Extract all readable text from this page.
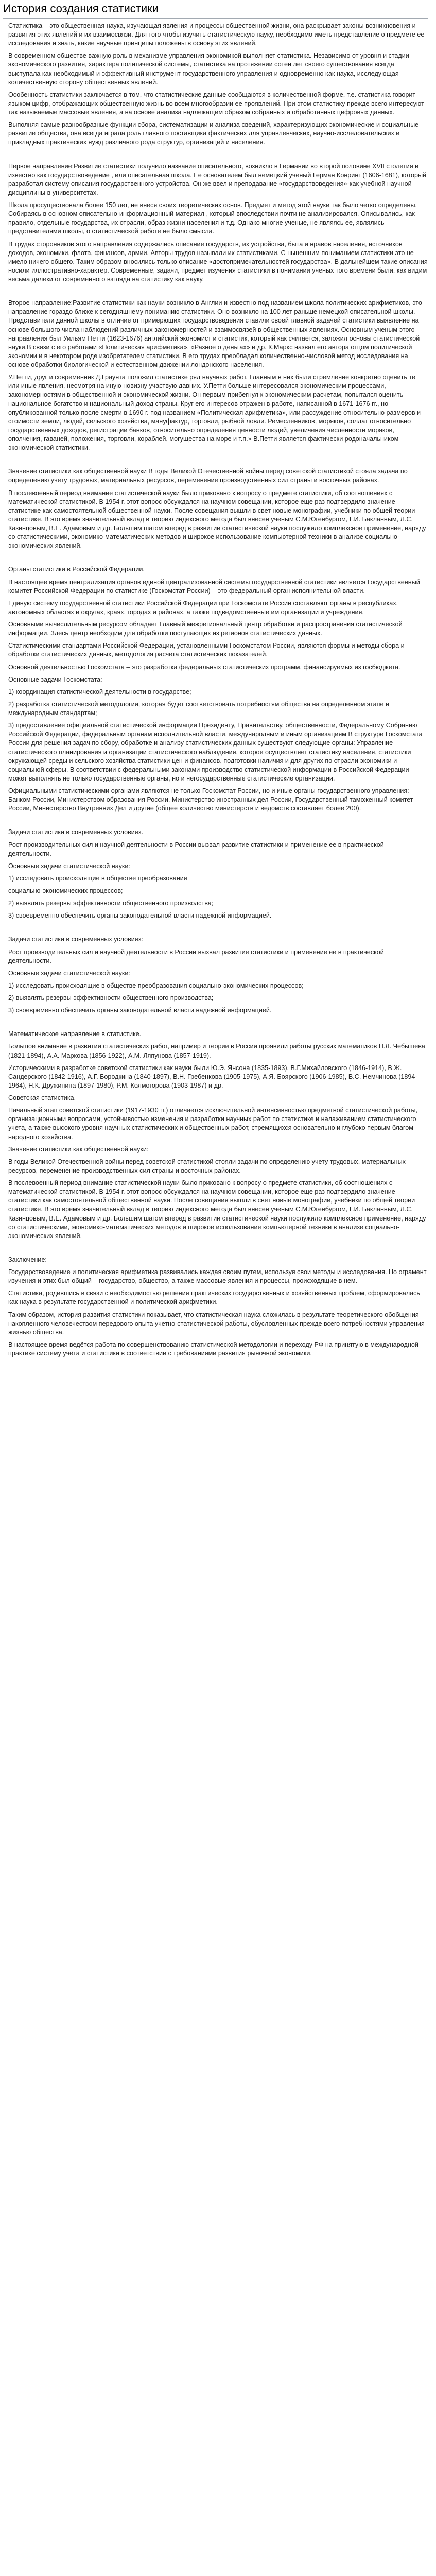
История создания статистики

Статистика – это общественная наука, изучающая явления и процессы общественной жизни, она раскрывает законы возникновения и развития этих явлений и их взаимосвязи. Для того чтобы изучить статистическую науку, необходимо иметь представление о предмете ее исследования и знать, какие научные принципы положены в основу этих явлений.

В современном обществе важную роль в механизме управления экономикой выполняет статистика. Независимо от уровня и стадии экономического развития, характера политической системы, статистика на протяжении сотен лет своего существования всегда выступала как необходимый и эффективный инструмент государственного управления и одновременно как наука, исследующая количественную сторону общественных явлений.

Особенность статистики заключается в том, что статистические данные сообщаются в количественной форме, т.е. статистика говорит языком цифр, отображающих общественную жизнь во всем многообразии ее проявлений. При этом статистику прежде всего интересуют так называемые массовые явления, а на основе анализа надлежащим образом собранных и обработанных цифровых данных.

Выполняя самые разнообразные функции сбора, систематизации и анализа сведений, характеризующих экономические и социальные развитие общества, она всегда играла роль главного поставщика фактических для управленческих, научно-исследовательских и прикладных практических нужд различного рода структур, организаций и населения.

Первое направление:Развитие статистики получило название описательного, возникло в Германии во второй половине XVII столетия и известно как государствоведение , или описательная школа. Ее основателем был немецкий ученый Герман Конринг (1606-1681), который разработал систему описания государственного устройства. Он же ввел и преподавание «государствоведения»-как учебной научной дисциплины в университетах.

Школа просуществовала более 150 лет, не внеся своих теоретических основ. Предмет и метод этой науки так было четко определены. Собираясь в основном описательно-информационный материал , который впоследствии почти не анализировался. Описывались, как правило, отдельные государства, их отрасли, образ жизни населения и т.д. Однако многие ученые, не являясь ее, являлись представителями школы, о статистической работе не было смысла.

В трудах сторонников этого направления содержались описание государств, их устройства, быта и нравов населения, источников доходов, экономики, флота, финансов, армии. Авторы трудов называли их статистиками. С нынешним пониманием статистики это не имело ничего общего. Таким образом вносились только описание «достопримечательностей государства». В дальнейшем такие описания носили иллюстративно-характер. Современные, задачи, предмет изучения статистики в понимании ученых того времени были, как видим весьма далеки от современного взгляда на статистику как науку.

Второе направление:Развитие статистики как науки возникло в Англии и известно под названием школа политических арифметиков, это направление гораздо ближе к сегодняшнему пониманию статистики. Оно возникло на 100 лет раньше немецкой описательной школы. Представители данной школы в отличие от примерющих государствоведения ставили своей главной задачей статистики выявление на основе большого числа наблюдений различных закономерностей и взаимосвязей в общественных явлениях. Основным ученым этого направления был Уильям Петти (1623-1676) английский экономист и статистик, который как считается, заложил основы статистической науки.В связи с его работами «Политическая арифметика», «Разное о деньгах» и др. К.Маркс назвал его автора отцом политической экономии и в некотором роде изобретателем статистики. В его трудах преобладал количественно-числовой метод исследования на основе обработки биологической и естественном движении лондонского населения.

У.Петти, друг и современник Д.Граунта положил статистике ряд научных работ. Главным в них были стремление конкретно оценить те или иные явления, несмотря на иную новизну участвую давних. У.Петти больше интересовался экономическим процессами, закономерностями в общественной и экономической жизни. Он первым прибегнул к экономическим расчетам, попытался оценить национальное богатство и национальный доход страны. Круг его интересов отражен в работе, написанной в 1671-1676 гг., но опубликованной только после смерти в 1690 г. под названием «Политическая арифметика», или рассуждение относительно размеров и стоимости земли, людей, сельского хозяйства, мануфактур, торговли, рыбной ловли. Ремесленников, моряков, солдат относительно государственных доходов, регистрации банков, относительно определения ценности людей, увеличения численности моряков, ополчения, гаваней, положения, торговли, кораблей, могущества на море и т.п.» В.Петти является фактически родоначальником экономической статистики.

Значение статистики как общественной науки В годы Великой Отечественной войны перед советской статистикой стояла задача по определению учету трудовых, материальных ресурсов, переменение производственных сил страны и восточных районах.

В послевоенный период внимание статистической науки было приковано к вопросу о предмете статистики, об соотношениях с математической статистикой. В 1954 г. этот вопрос обсуждался на научном совещании, которое еще раз подтвердило значение статистике как самостоятельной общественной науки. После совещания вышли в свет новые монографии, учебники по общей теории статистике. В это время значительный вклад в теорию индексного метода был внесен ученым С.М.Югенбургом, Г.И. Бакланным, Л.С. Казинцовым, В.Е. Адамовым и др. Большим шагом вперед в развитии статистической науки послужило комплексное применение, наряду со статистическими, экономико-математических методов и широкое использование компьютерной техники в анализе социально-экономических явлений.

Органы статистики в Российской Федерации.

В настоящее время централизация органов единой централизованной системы государственной статистики является Государственный комитет Российской Федерации по статистике (Госкомстат России) – это федеральный орган исполнительной власти.

Единую систему государственной статистики Российской Федерации при Госкомстате России составляют органы в республиках, автономных областях и округах, краях, городах и районах, а также подведомственные им организации и учреждения.

Основными вычислительным ресурсом обладает Главный межрегиональный центр обработки и распространения статистической информации. Здесь центр необходим для обработки поступающих из регионов статистических данных.

Статистическими стандартами Российской Федерации, установленными Госкомстатом России, являются формы и методы сбора и обработки статистических данных, методология расчета статистических показателей.

Основной деятельностью Госкомстата – это разработка федеральных статистических программ, финансируемых из госбюджета.

Основные задачи Госкомстата:

1) координация статистической деятельности в государстве;

2) разработка статистической методологии, которая будет соответствовать потребностям общества на определенном этапе и международным стандартам;

3) предоставление официальной статистической информации Президенту, Правительству, общественности, Федеральному Собранию Российской Федерации, федеральным органам исполнительной власти, международным и иным организациям В структуре Госкомстата России для решения задач по сбору, обработке и анализу статистических данных существуют следующие органы: Управление статистического планирования и организации статистического наблюдения, которое осуществляет статистику населения, статистики окружающей среды и сельского хозяйства статистики цен и финансов, подготовки наличия и для других по отрасли экономики и социальной сферы. В соответствии с федеральными законами производство статистической информации в Российской Федерации может выполнять не только государственные органы, но и негосударственные статистические организации.

Официальными статистическими органами являются не только Госкомстат России, но и иные органы государственного управления: Банком России, Министерством образования России, Министерство иностранных дел России, Государственный таможенный комитет России, Министерство Внутренних Дел и другие (общее количество министерств и ведомств составляет более 200).

Задачи статистики в современных условиях.

Рост производительных сил и научной деятельности в России вызвал развитие статистики и применение ее в практической деятельности.

Основные задачи статистической науки:

1) исследовать происходящие в обществе преобразования

социально-экономических процессов;

2) выявлять резервы эффективности общественного производства;

3) своевременно обеспечить органы законодательной власти надежной информацией.

Задачи статистики в современных условиях:

Рост производительных сил и научной деятельности в России вызвал развитие статистики и применение ее в практической деятельности.

Основные задачи статистической науки:

1) исследовать происходящие в обществе преобразования социально-экономических процессов;

2) выявлять резервы эффективности общественного производства;

3) своевременно обеспечить органы законодательной власти надежной информацией.

Математическое направление в статистике.

Большое внимание в развитии статистических работ, например и теории в России проявили работы русских математиков П.Л. Чебышева (1821-1894), А.А. Маркова (1856-1922), А.М. Ляпунова (1857-1919).

Историческими в разработке советской статистики как науки были Ю.Э. Янсона (1835-1893), В.Г.Михайловского (1846-1914), В.Ж. Сандерского (1842-1916), А.Г. Бородкина (1840-1897), В.Н. Гребенкова (1905-1975), А.Я. Боярского (1906-1985), В.С. Немчинова (1894-1964), Н.К. Дружинина (1897-1980), Р.М. Колмогорова (1903-1987) и др.

Советская статистика.

Начальный этап советской статистики (1917-1930 гг.) отличается исключительной интенсивностью предметной статистической работы, организационными вопросами, устойчивостью изменения и разработки научных работ по статистике и налаживанием статистического учета, а также высокого уровня научных статистических и общественных работ, стремящихся основательно и глубоко первым благом народного хозяйства.

Значение статистики как общественной науки:

В годы Великой Отечественной войны перед советской статистикой стояли задачи по определению учету трудовых, материальных ресурсов, переменение производственных сил страны и восточных районах.

В послевоенный период внимание статистической науки было приковано к вопросу о предмете статистики, об соотношениях с математической статистикой. В 1954 г. этот вопрос обсуждался на научном совещании, которое еще раз подтвердило значение статистики как самостоятельной общественной науки. После совещания вышли в свет новые монографии, учебники по общей теории статистике. В это время значительный вклад в теорию индексного метода был внесен ученым С.М.Югенбургом, Г.И. Бакланным, Л.С. Казинцовым, В.Е. Адамовым и др. Большим шагом вперед в развитии статистической науки послужило комплексное применение, наряду со статистическими, экономико-математических методов и широкое использование компьютерной техники в анализе социально-экономических явлений.

Заключение:

Государствоведение и политическая арифметика развивались каждая своим путем, используя свои методы и исследования. Но ограмент изучения и этих был общий – государство, общество, а также массовые явления и процессы, происходящие в нем.

Статистика, родившись в связи с необходимостью решения практических государственных и хозяйственных проблем, сформировалась как наука в результате государственной и политической арифметики.

Таким образом, история развития статистики показывает, что статистическая наука сложилась в результате теоретического обобщения накопленного человечеством передового опыта учетно-статистической работы, обусловленных прежде всего потребностями управления жизнью общества.

В настоящее время ведётся работа по совершенствованию статистической методологии и переходу РФ на принятую в международной практике систему учёта и статистики в соответствии с требованиями развития рыночной экономики.
